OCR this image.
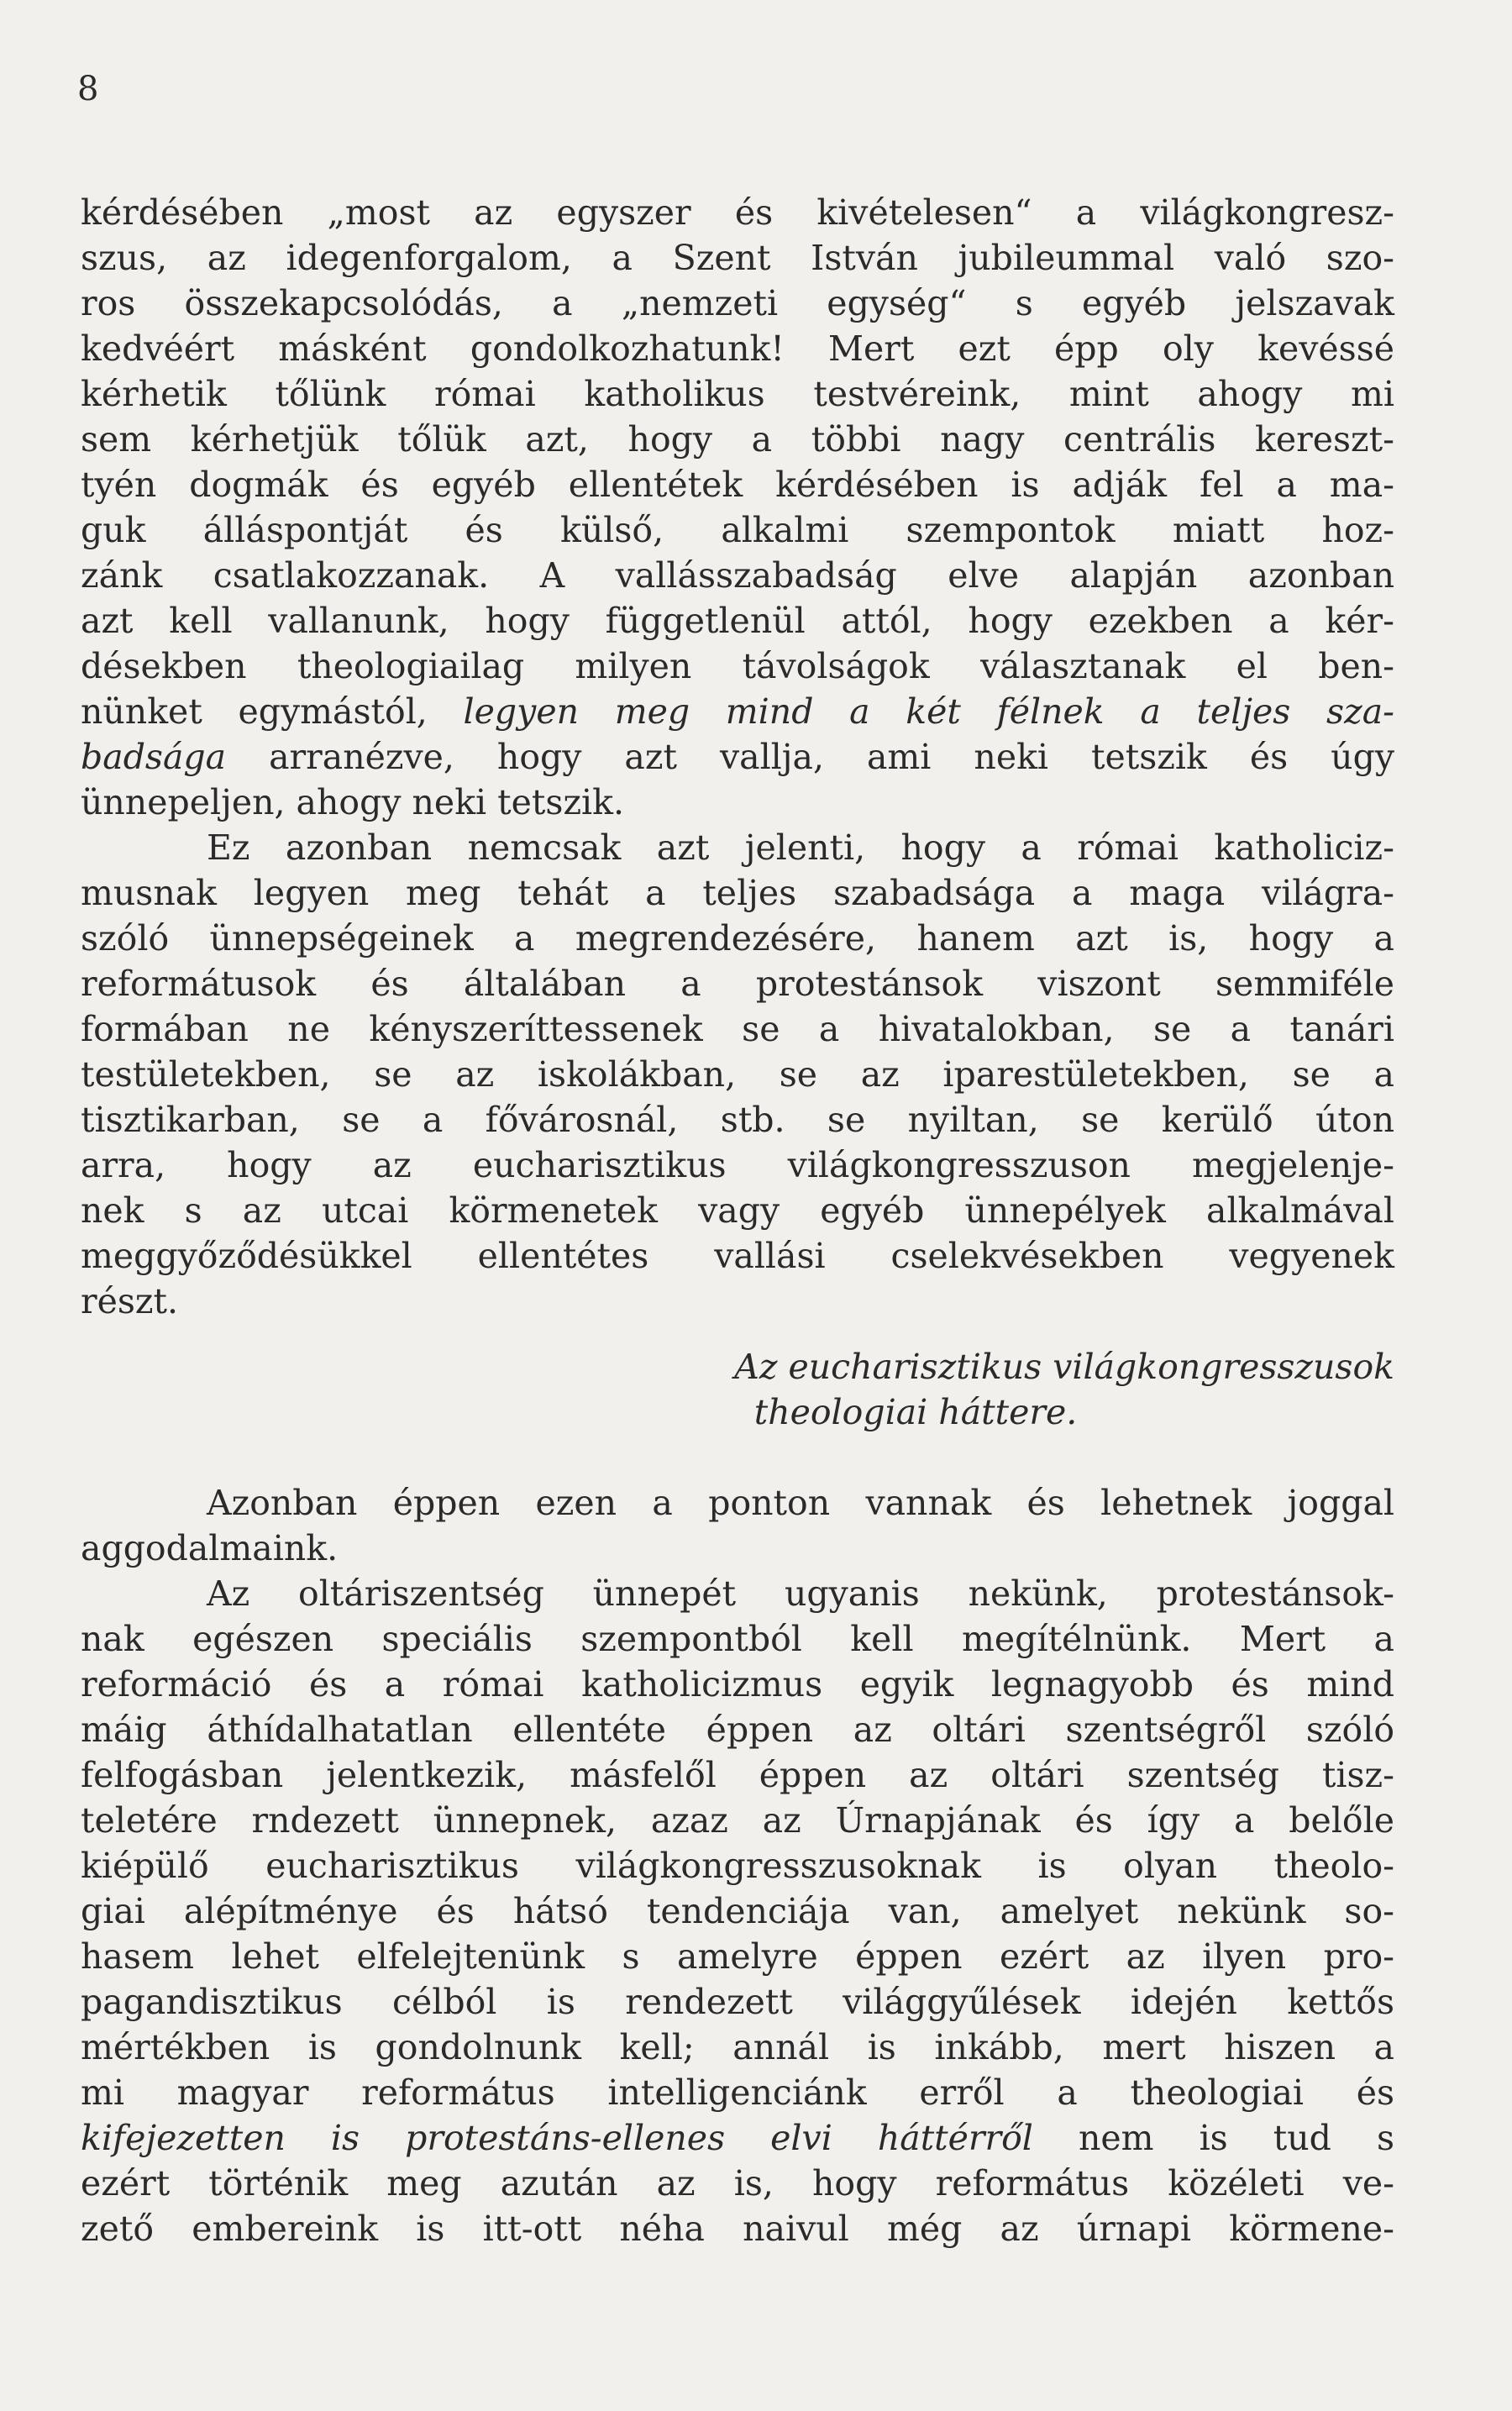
8
kérdésében „most az egyszer és kivételesen“ a világkongresz-
szus, az idegenforgalom, a Szent István jubileummal való szo-
ros összekapcsolódás, a „nemzeti egység“ s egyéb jelszavak
kedvéért másként gondolkozhatunk! Mert ezt épp oly kevéssé
kérhetik tőlünk római katholikus testvéreink, mint ahogy mi
sem kérhetjük tőlük azt, hogy a többi nagy centrális kereszt-
tyén dogmák és egyéb ellentétek kérdésében is adják fel a ma-
guk álláspontját és külső, alkalmi szempontok miatt hoz-
zánk csatlakozzanak. A vallásszabadság elve alapján azonban
azt kell vallanunk, hogy függetlenül attól, hogy ezekben a kér-
désekben theologiailag milyen távolságok választanak el ben-
nünket egymástól, legyen meg mind a két félnek a teljes sza-
badsága arranézve, hogy azt vallja, ami neki tetszik és úgy
ünnepeljen, ahogy neki tetszik.
Ez azonban nemcsak azt jelenti, hogy a római katholiciz-
musnak legyen meg tehát a teljes szabadsága a maga világra-
szóló ünnepségeinek a megrendezésére, hanem azt is, hogy a
reformátusok és általában a protestánsok viszont semmiféle
formában ne kényszeríttessenek se a hivatalokban, se a tanári
testületekben, se az iskolákban, se az iparestületekben, se a
tisztikarban, se a fővárosnál, stb. se nyiltan, se kerülő úton
arra, hogy az eucharisztikus világkongresszuson megjelenje-
nek s az utcai körmenetek vagy egyéb ünnepélyek alkalmával
meggyőződésükkel ellentétes vallási cselekvésekben vegyenek
részt.
Az eucharisztikus világkongresszusok
theologiai háttere.
Azonban éppen ezen a ponton vannak és lehetnek joggal
aggodalmaink.
Az oltáriszentség ünnepét ugyanis nekünk, protestánsok-
nak egészen speciális szempontból kell megítélnünk. Mert a
reformáció és a római katholicizmus egyik legnagyobb és mind
máig áthídalhatatlan ellentéte éppen az oltári szentségről szóló
felfogásban jelentkezik, másfelől éppen az oltári szentség tisz-
teletére rndezett ünnepnek, azaz az Úrnapjának és így a belőle
kiépülő eucharisztikus világkongresszusoknak is olyan theolo-
giai alépítménye és hátsó tendenciája van, amelyet nekünk so-
hasem lehet elfelejtenünk s amelyre éppen ezért az ilyen pro-
pagandisztikus célból is rendezett világgyűlések idején kettős
mértékben is gondolnunk kell; annál is inkább, mert hiszen a
mi magyar református intelligenciánk erről a theologiai és
kifejezetten is protestáns-ellenes elvi háttérről nem is tud s
ezért történik meg azután az is, hogy református közéleti ve-
zető embereink is itt-ott néha naivul még az úrnapi körmene-
